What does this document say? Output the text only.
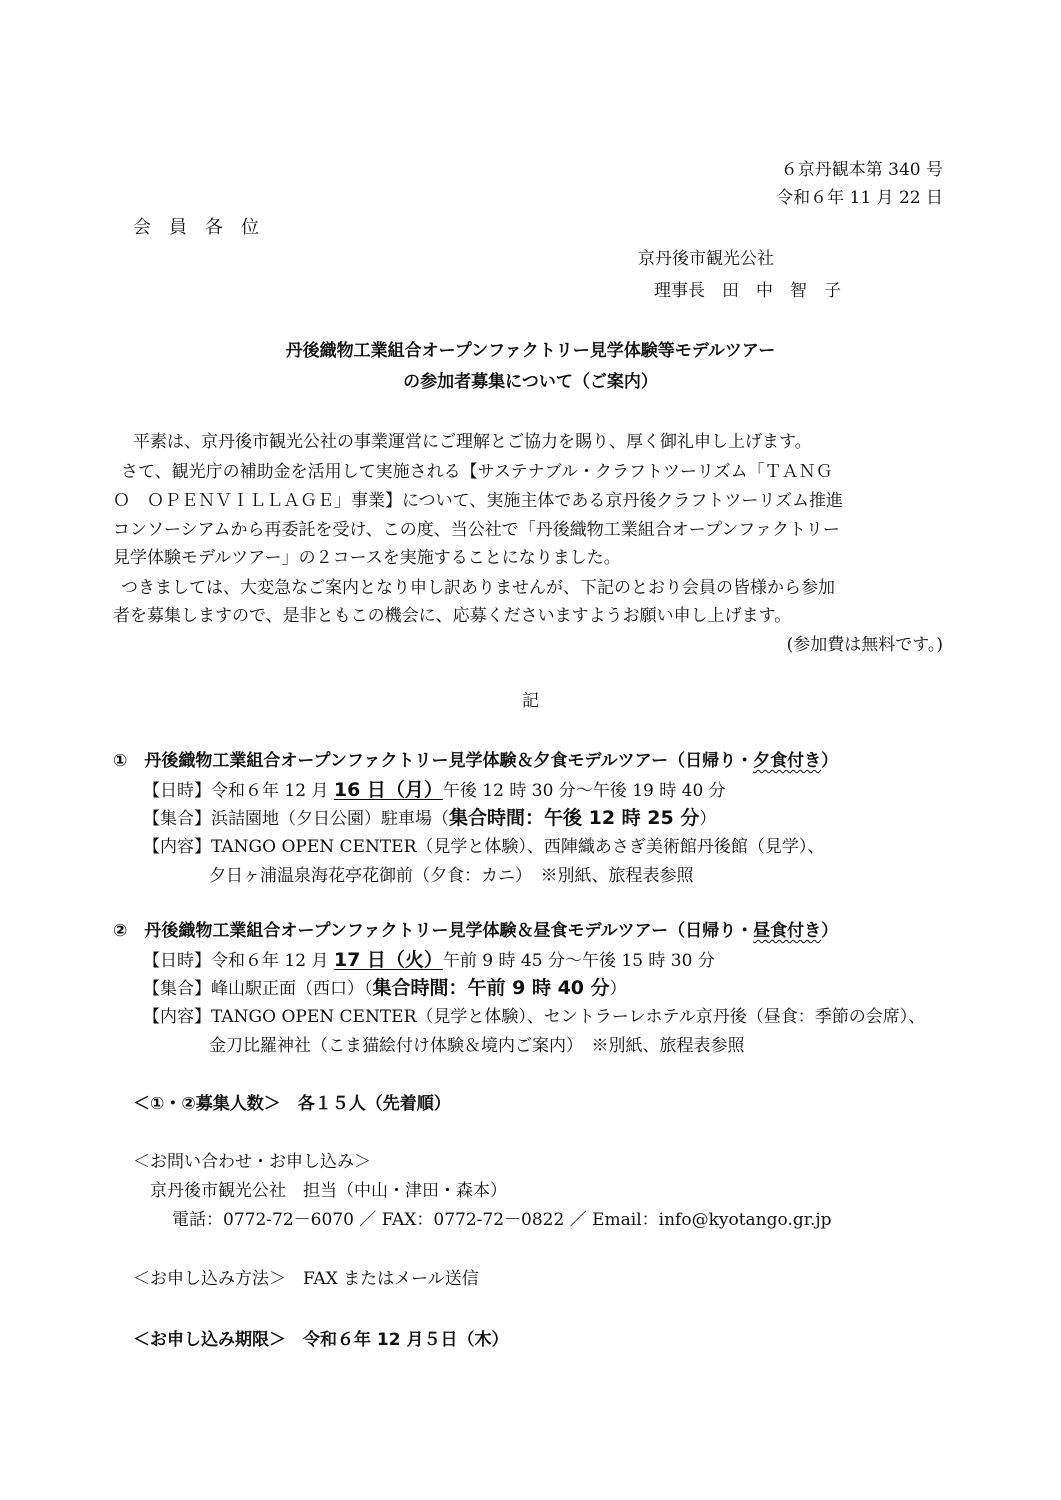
６京丹観本第 340 号
令和６年 11 月 22 日
会　員　各　位
京丹後市観光公社
理事長　田　中　智　子
丹後織物工業組合オープンファクトリー見学体験等モデルツアー
の参加者募集について（ご案内）
平素は、京丹後市観光公社の事業運営にご理解とご協力を賜り、厚く御礼申し上げます。
さて、観光庁の補助金を活用して実施される【サステナブル・クラフトツーリズム「ＴＡＮＧ
Ｏ　ＯＰＥＮＶＩＬＬＡＧＥ」事業】について、実施主体である京丹後クラフトツーリズム推進
コンソーシアムから再委託を受け、この度、当公社で「丹後織物工業組合オープンファクトリー
見学体験モデルツアー」の２コースを実施することになりました。
つきましては、大変急なご案内となり申し訳ありませんが、下記のとおり会員の皆様から参加
者を募集しますので、是非ともこの機会に、応募くださいますようお願い申し上げます。
(参加費は無料です。)
記
①　丹後織物工業組合オープンファクトリー見学体験＆夕食モデルツアー（日帰り・夕食付き）
【日時】令和６年 12 月 16 日（月）午後 12 時 30 分～午後 19 時 40 分
【集合】浜詰園地（夕日公園）駐車場（集合時間：午後 12 時 25 分）
【内容】TANGO OPEN CENTER（見学と体験）、西陣織あさぎ美術館丹後館（見学）、
夕日ヶ浦温泉海花亭花御前（夕食：カニ）　※別紙、旅程表参照
②　丹後織物工業組合オープンファクトリー見学体験＆昼食モデルツアー（日帰り・昼食付き）
【日時】令和６年 12 月 17 日（火）午前 9 時 45 分～午後 15 時 30 分
【集合】峰山駅正面（西口）（集合時間：午前 9 時 40 分）
【内容】TANGO OPEN CENTER（見学と体験）、セントラーレホテル京丹後（昼食：季節の会席）、
金刀比羅神社（こま猫絵付け体験＆境内ご案内）　※別紙、旅程表参照
＜①・②募集人数＞　 各１５人（先着順）
＜お問い合わせ・お申し込み＞
京丹後市観光公社　担当（中山・津田・森本）
電話：0772-72－6070 ／ FAX：0772-72－0822 ／ Email：info@kyotango.gr.jp
＜お申し込み方法＞　 FAX またはメール送信
＜お申し込み期限＞　 令和６年 12 月５日（木）
